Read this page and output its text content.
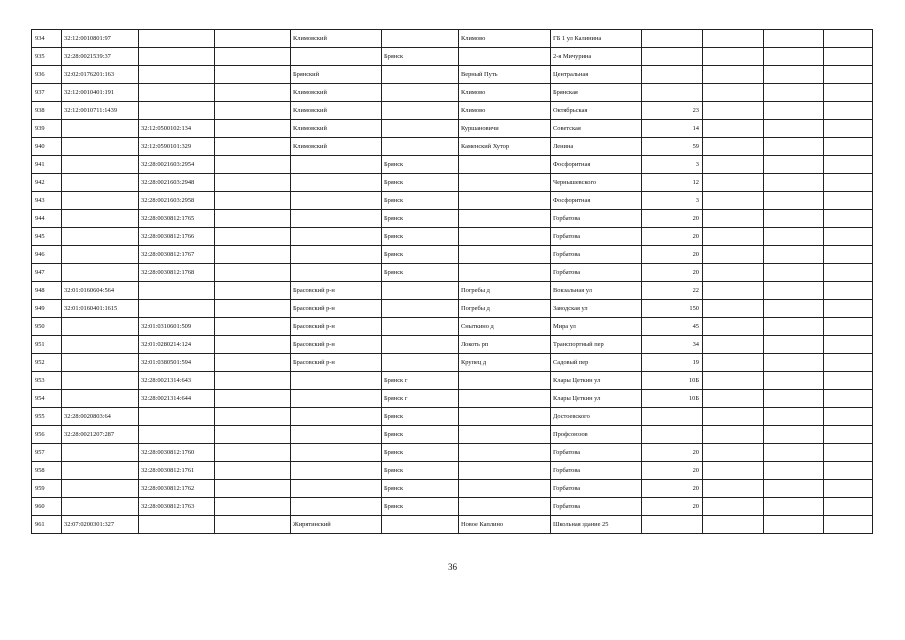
934	32:12:0010801:97			Климовский		Климово	ГБ 1 ул Калинина				
935	32:28:0021539:37				Брянск		2-я Мичурина				
936	32:02:0176201:163			Брянский		Верный Путь	Центральная				
937	32:12:0010401:191			Климовский		Климово	Брянская				
938	32:12:0010711:1439			Климовский		Климово	Октябрьская	23			
939		32:12:0500102:134		Климовский		Куршановичи	Советская	14			
940		32:12:0590101:329		Климовский		Каменский Хутор	Ленина	59			
941		32:28:0021603:2954			Брянск		Фосфоритная	3			
942		32:28:0021603:2948			Брянск		Чернышевского	12			
943		32:28:0021603:2958			Брянск		Фосфоритная	3			
944		32:28:0030812:1765			Брянск		Горбатова	20			
945		32:28:0030812:1766			Брянск		Горбатова	20			
946		32:28:0030812:1767			Брянск		Горбатова	20			
947		32:28:0030812:1768			Брянск		Горбатова	20			
948	32:01:0160604:564			Брасовский р-н		Погребы д	Вокзальная ул	22			
949	32:01:0160401:1615			Брасовский р-н		Погребы д	Заводская ул	150			
950		32:01:0310601:509		Брасовский р-н		Сныткино д	Мира ул	45			
951		32:01:0280214:124		Брасовский р-н		Локоть рп	Транспортный пер	34			
952		32:01:0380501:594		Брасовский р-н		Крупец д	Садовый пер	19			
953		32:28:0021314:643			Брянск г		Клары Цеткин ул	10Б			
954		32:28:0021314:644			Брянск г		Клары Цеткин ул	10Б			
955	32:28:0020803:64				Брянск		Достоевского				
956	32:28:0021207:287				Брянск		Профсоюзов				
957		32:28:0030812:1760			Брянск		Горбатова	20			
958		32:28:0030812:1761			Брянск		Горбатова	20			
959		32:28:0030812:1762			Брянск		Горбатова	20			
960		32:28:0030812:1763			Брянск		Горбатова	20			
961	32:07:0200301:327			Жирятинский		Новое Каплино	Школьная здание 25				
36
